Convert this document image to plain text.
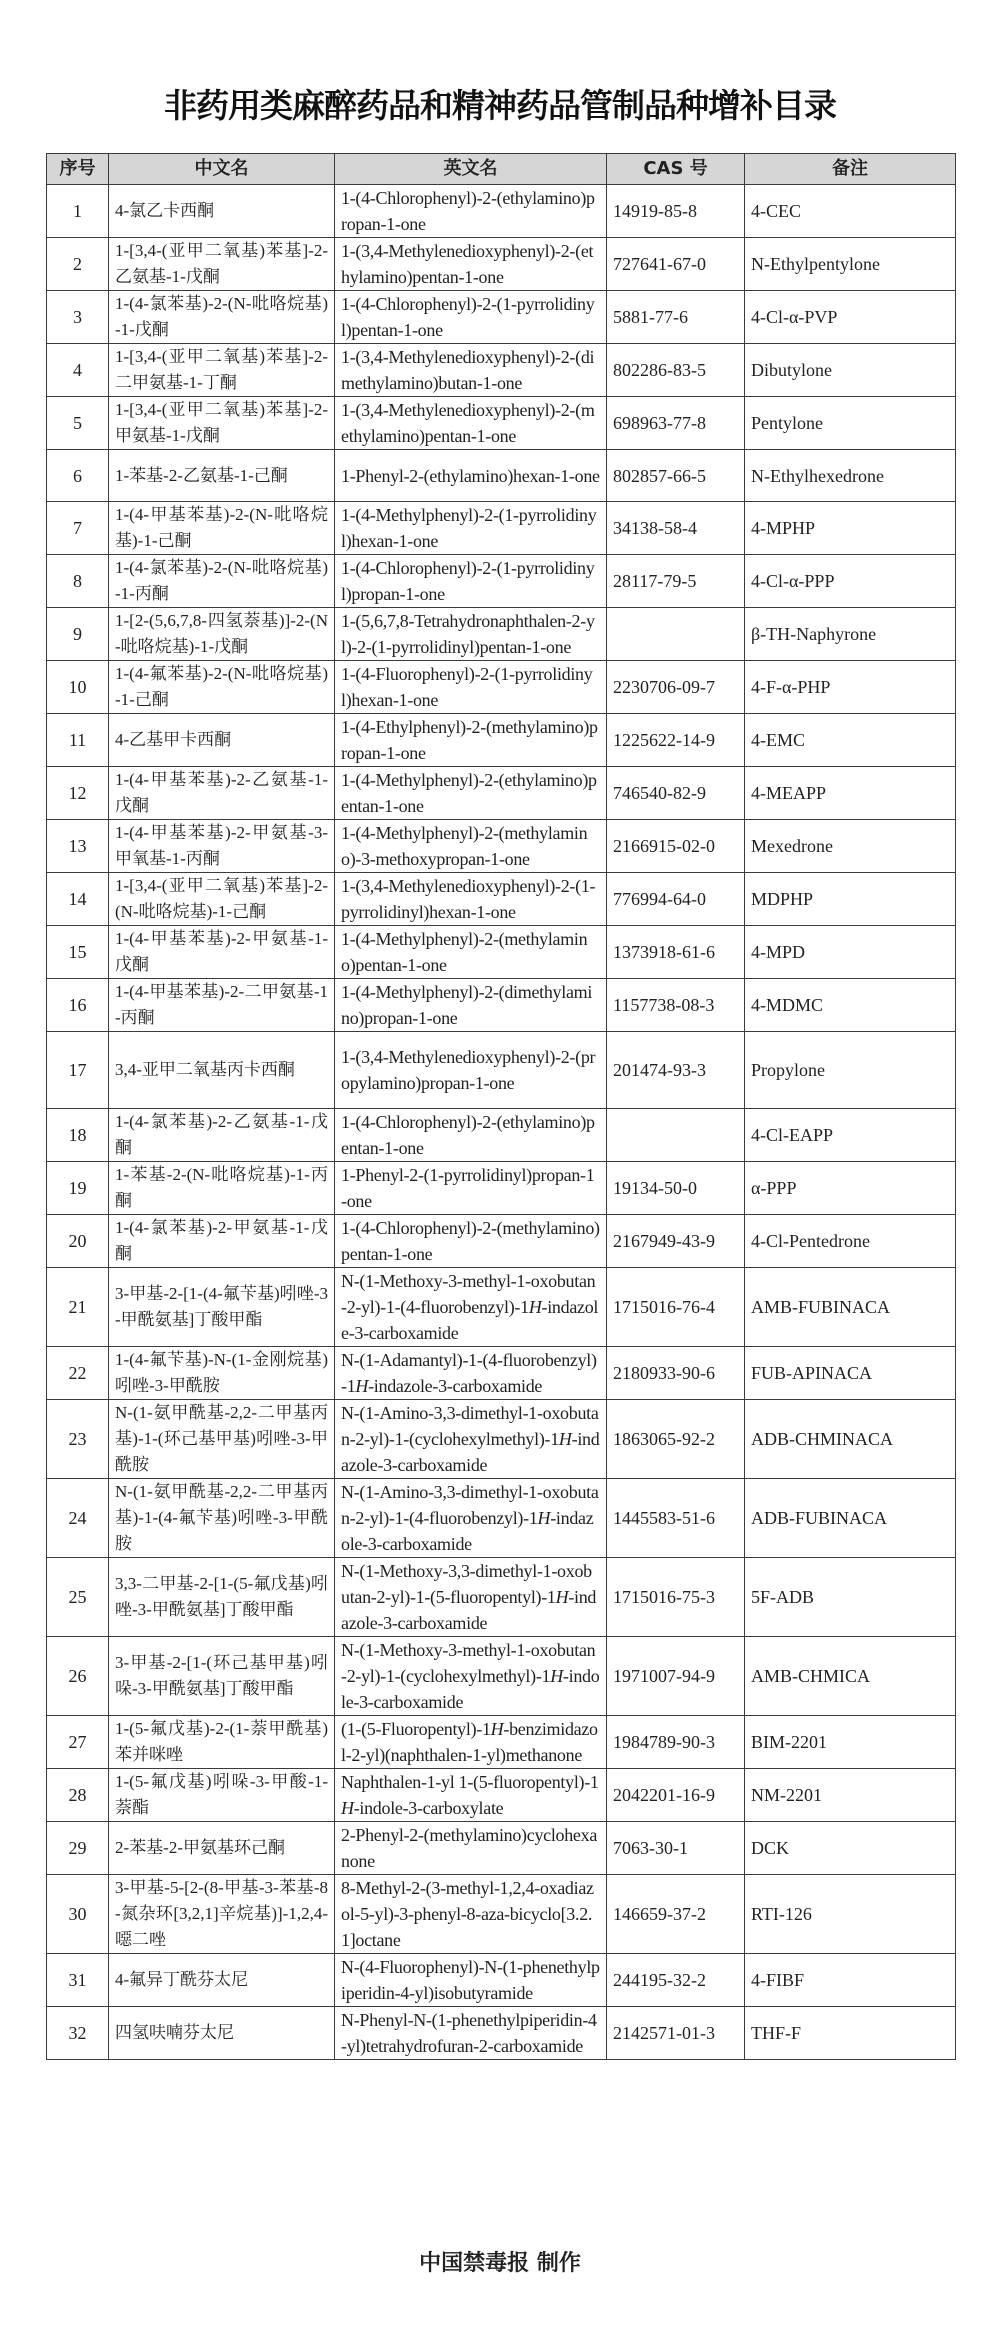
非药用类麻醉药品和精神药品管制品种增补目录
序号	中文名	英文名	CAS 号	备注
1	4-氯乙卡西酮	1-(4-Chlorophenyl)-2-(ethylamino)propan-1-one	14919-85-8	4-CEC
2	1-[3,4-(亚甲二氧基)苯基]-2-乙氨基-1-戊酮	1-(3,4-Methylenedioxyphenyl)-2-(ethylamino)pentan-1-one	727641-67-0	N-Ethylpentylone
3	1-(4-氯苯基)-2-(N-吡咯烷基)-1-戊酮	1-(4-Chlorophenyl)-2-(1-pyrrolidinyl)pentan-1-one	5881-77-6	4-Cl-α-PVP
4	1-[3,4-(亚甲二氧基)苯基]-2-二甲氨基-1-丁酮	1-(3,4-Methylenedioxyphenyl)-2-(dimethylamino)butan-1-one	802286-83-5	Dibutylone
5	1-[3,4-(亚甲二氧基)苯基]-2-甲氨基-1-戊酮	1-(3,4-Methylenedioxyphenyl)-2-(methylamino)pentan-1-one	698963-77-8	Pentylone
6	1-苯基-2-乙氨基-1-己酮	1-Phenyl-2-(ethylamino)hexan-1-one	802857-66-5	N-Ethylhexedrone
7	1-(4-甲基苯基)-2-(N-吡咯烷基)-1-己酮	1-(4-Methylphenyl)-2-(1-pyrrolidinyl)hexan-1-one	34138-58-4	4-MPHP
8	1-(4-氯苯基)-2-(N-吡咯烷基)-1-丙酮	1-(4-Chlorophenyl)-2-(1-pyrrolidinyl)propan-1-one	28117-79-5	4-Cl-α-PPP
9	1-[2-(5,6,7,8-四氢萘基)]-2-(N-吡咯烷基)-1-戊酮	1-(5,6,7,8-Tetrahydronaphthalen-2-yl)-2-(1-pyrrolidinyl)pentan-1-one		β-TH-Naphyrone
10	1-(4-氟苯基)-2-(N-吡咯烷基)-1-己酮	1-(4-Fluorophenyl)-2-(1-pyrrolidinyl)hexan-1-one	2230706-09-7	4-F-α-PHP
11	4-乙基甲卡西酮	1-(4-Ethylphenyl)-2-(methylamino)propan-1-one	1225622-14-9	4-EMC
12	1-(4-甲基苯基)-2-乙氨基-1-戊酮	1-(4-Methylphenyl)-2-(ethylamino)pentan-1-one	746540-82-9	4-MEAPP
13	1-(4-甲基苯基)-2-甲氨基-3-甲氧基-1-丙酮	1-(4-Methylphenyl)-2-(methylamino)-3-methoxypropan-1-one	2166915-02-0	Mexedrone
14	1-[3,4-(亚甲二氧基)苯基]-2-(N-吡咯烷基)-1-己酮	1-(3,4-Methylenedioxyphenyl)-2-(1-pyrrolidinyl)hexan-1-one	776994-64-0	MDPHP
15	1-(4-甲基苯基)-2-甲氨基-1-戊酮	1-(4-Methylphenyl)-2-(methylamino)pentan-1-one	1373918-61-6	4-MPD
16	1-(4-甲基苯基)-2-二甲氨基-1-丙酮	1-(4-Methylphenyl)-2-(dimethylamino)propan-1-one	1157738-08-3	4-MDMC
17	3,4-亚甲二氧基丙卡西酮	1-(3,4-Methylenedioxyphenyl)-2-(propylamino)propan-1-one	201474-93-3	Propylone
18	1-(4-氯苯基)-2-乙氨基-1-戊酮	1-(4-Chlorophenyl)-2-(ethylamino)pentan-1-one		4-Cl-EAPP
19	1-苯基-2-(N-吡咯烷基)-1-丙酮	1-Phenyl-2-(1-pyrrolidinyl)propan-1-one	19134-50-0	α-PPP
20	1-(4-氯苯基)-2-甲氨基-1-戊酮	1-(4-Chlorophenyl)-2-(methylamino)pentan-1-one	2167949-43-9	4-Cl-Pentedrone
21	3-甲基-2-[1-(4-氟苄基)吲唑-3-甲酰氨基]丁酸甲酯	N-(1-Methoxy-3-methyl-1-oxobutan-2-yl)-1-(4-fluorobenzyl)-1H-indazole-3-carboxamide	1715016-76-4	AMB-FUBINACA
22	1-(4-氟苄基)-N-(1-金刚烷基)吲唑-3-甲酰胺	N-(1-Adamantyl)-1-(4-fluorobenzyl)-1H-indazole-3-carboxamide	2180933-90-6	FUB-APINACA
23	N-(1-氨甲酰基-2,2-二甲基丙基)-1-(环己基甲基)吲唑-3-甲酰胺	N-(1-Amino-3,3-dimethyl-1-oxobutan-2-yl)-1-(cyclohexylmethyl)-1H-indazole-3-carboxamide	1863065-92-2	ADB-CHMINACA
24	N-(1-氨甲酰基-2,2-二甲基丙基)-1-(4-氟苄基)吲唑-3-甲酰胺	N-(1-Amino-3,3-dimethyl-1-oxobutan-2-yl)-1-(4-fluorobenzyl)-1H-indazole-3-carboxamide	1445583-51-6	ADB-FUBINACA
25	3,3-二甲基-2-[1-(5-氟戊基)吲唑-3-甲酰氨基]丁酸甲酯	N-(1-Methoxy-3,3-dimethyl-1-oxobutan-2-yl)-1-(5-fluoropentyl)-1H-indazole-3-carboxamide	1715016-75-3	5F-ADB
26	3-甲基-2-[1-(环己基甲基)吲哚-3-甲酰氨基]丁酸甲酯	N-(1-Methoxy-3-methyl-1-oxobutan-2-yl)-1-(cyclohexylmethyl)-1H-indole-3-carboxamide	1971007-94-9	AMB-CHMICA
27	1-(5-氟戊基)-2-(1-萘甲酰基)苯并咪唑	(1-(5-Fluoropentyl)-1H-benzimidazol-2-yl)(naphthalen-1-yl)methanone	1984789-90-3	BIM-2201
28	1-(5-氟戊基)吲哚-3-甲酸-1-萘酯	Naphthalen-1-yl 1-(5-fluoropentyl)-1H-indole-3-carboxylate	2042201-16-9	NM-2201
29	2-苯基-2-甲氨基环己酮	2-Phenyl-2-(methylamino)cyclohexanone	7063-30-1	DCK
30	3-甲基-5-[2-(8-甲基-3-苯基-8-氮杂环[3,2,1]辛烷基)]-1,2,4-噁二唑	8-Methyl-2-(3-methyl-1,2,4-oxadiazol-5-yl)-3-phenyl-8-aza-bicyclo[3.2.1]octane	146659-37-2	RTI-126
31	4-氟异丁酰芬太尼	N-(4-Fluorophenyl)-N-(1-phenethylpiperidin-4-yl)isobutyramide	244195-32-2	4-FIBF
32	四氢呋喃芬太尼	N-Phenyl-N-(1-phenethylpiperidin-4-yl)tetrahydrofuran-2-carboxamide	2142571-01-3	THF-F
中国禁毒报 制作
